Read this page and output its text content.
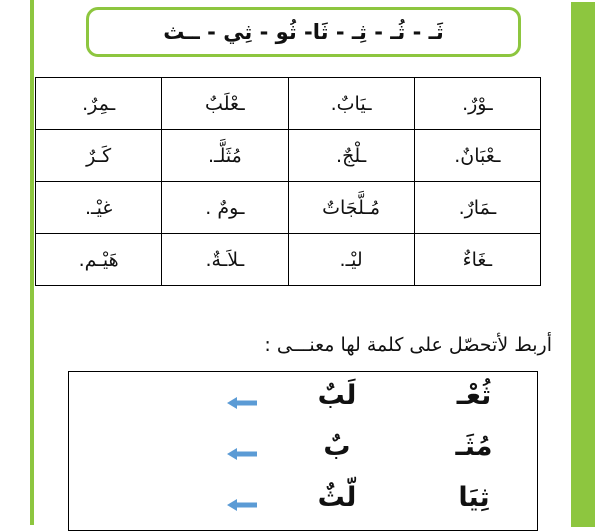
ثَـ - ثُـ - ثِـ - ثَا- ثُو - ثِي - ــث
ـوْرٌ.	ـيَابٌ.	ـعْلَبٌ	ـمِرٌ.
ـعْبَانٌ.	ـلْجٌ.	مُثَلَّـ.	كَـرٌ
ـمَارٌ.	مُـلَّجَاتٌ	ـومٌ .	غيْـ.
ـغَاءٌ	ليْـ.	ـلاَـةٌ.	هَيْـم.
أربط لأتحصّل على كلمة لها معنـــى :
لَبٌ	ثُعْـ
بٌ	مُثَـ
لّثٌ	ثِيَا
